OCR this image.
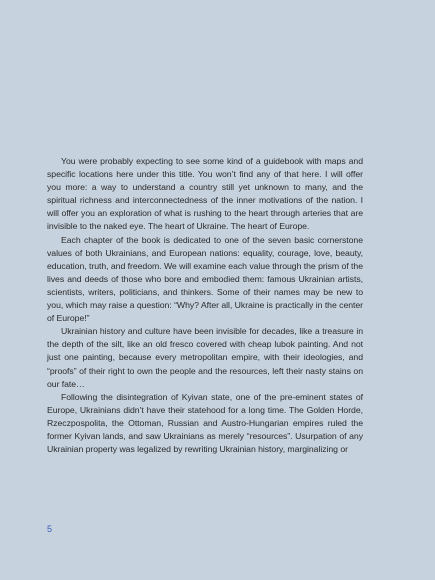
You were probably expecting to see some kind of a guidebook with maps and specific locations here under this title. You won’t find any of that here. I will offer you more: a way to understand a country still yet unknown to many, and the spiritual richness and interconnectedness of the inner motivations of the nation. I will offer you an exploration of what is rushing to the heart through arteries that are invisible to the naked eye. The heart of Ukraine. The heart of Europe.

Each chapter of the book is dedicated to one of the seven basic cornerstone values of both Ukrainians, and European nations: equality, courage, love, beauty, education, truth, and freedom. We will examine each value through the prism of the lives and deeds of those who bore and embodied them: famous Ukrainian artists, scientists, writers, politicians, and thinkers. Some of their names may be new to you, which may raise a question: “Why? After all, Ukraine is practically in the center of Europe!”

Ukrainian history and culture have been invisible for decades, like a treasure in the depth of the silt, like an old fresco covered with cheap lubok painting. And not just one painting, because every metropolitan empire, with their ideologies, and “proofs” of their right to own the people and the resources, left their nasty stains on our fate…

Following the disintegration of Kyivan state, one of the pre-eminent states of Europe, Ukrainians didn’t have their statehood for a long time. The Golden Horde, Rzeczpospolita, the Ottoman, Russian and Austro-Hungarian empires ruled the former Kyivan lands, and saw Ukrainians as merely “resources”. Usurpation of any Ukrainian property was legalized by rewriting Ukrainian history, marginalizing or

5
